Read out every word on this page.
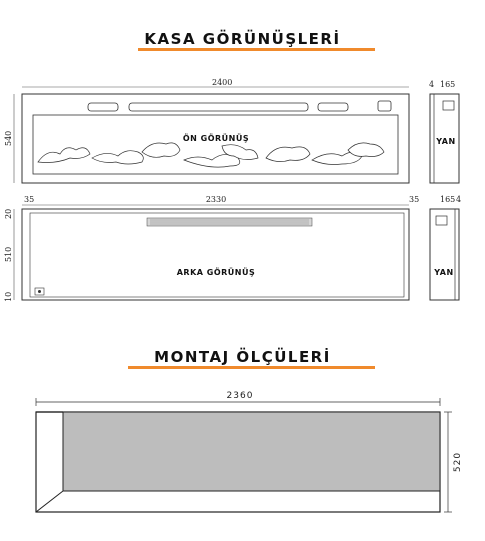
KASA GÖRÜNÜŞLERİ
MONTAJ ÖLÇÜLERİ
2400
540	ÖN GÖRÜNÜŞ
4 165
YAN
35	2330	35
20
510
10
ARKA GÖRÜNÜŞ
165 4
YAN
2360
520
